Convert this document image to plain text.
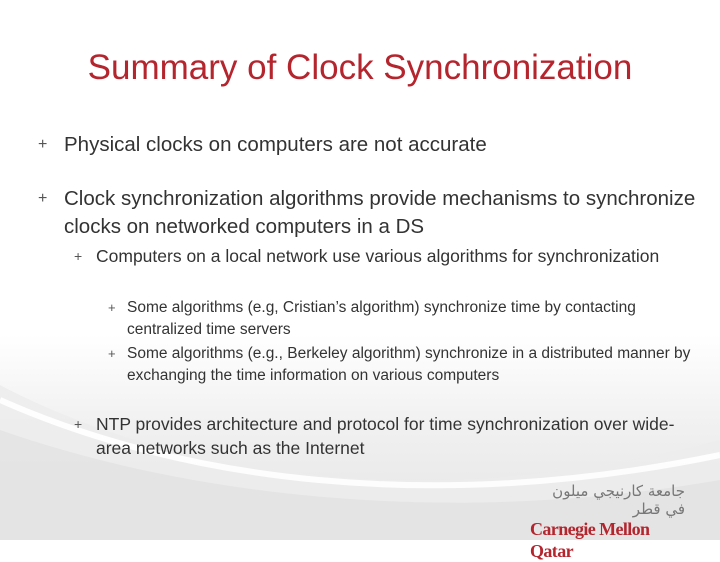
Summary of Clock Synchronization
+ Physical clocks on computers are not accurate
+ Clock synchronization algorithms provide mechanisms to synchronize clocks on networked computers in a DS
+ Computers on a local network use various algorithms for synchronization
+ Some algorithms (e.g, Cristian’s algorithm) synchronize time by contacting centralized time servers
+ Some algorithms (e.g., Berkeley algorithm) synchronize in a distributed manner by exchanging the time information on various computers
+ NTP provides architecture and protocol for time synchronization over wide-area networks such as the Internet
جامعة كارنيجي ميلون في قطر
Carnegie Mellon Qatar
